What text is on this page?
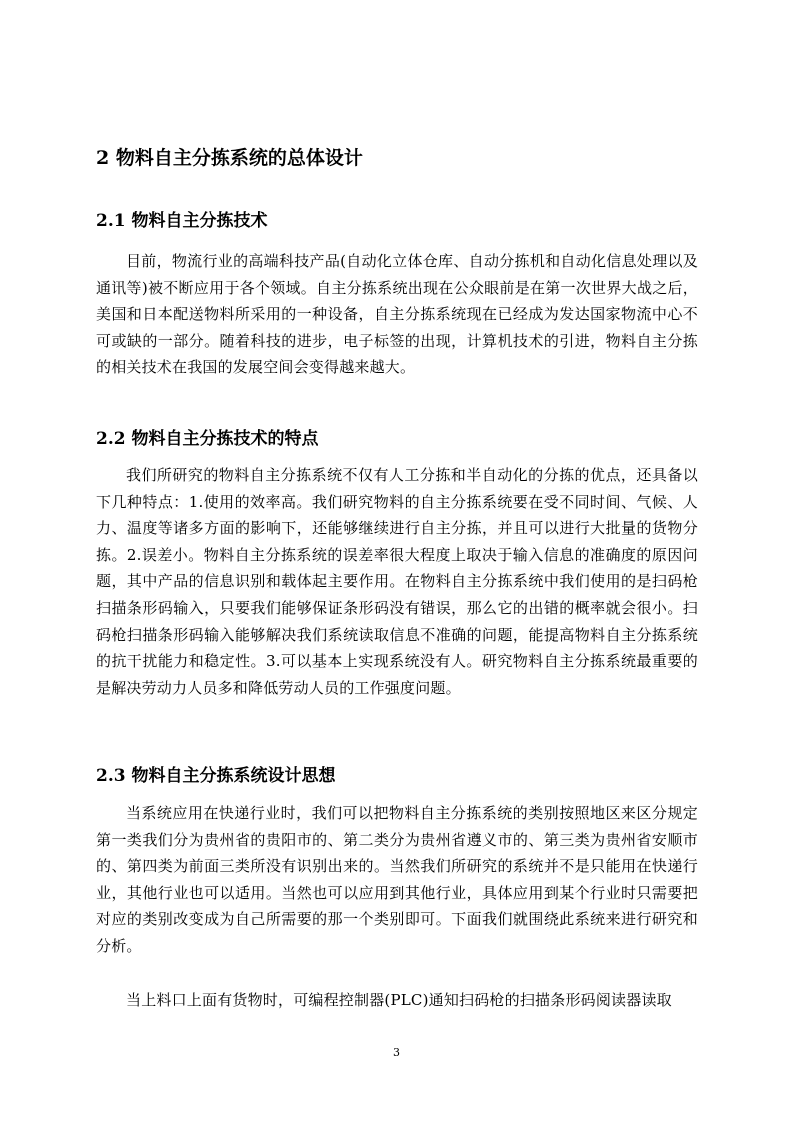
2 物料自主分拣系统的总体设计
2.1 物料自主分拣技术

目前，物流行业的高端科技产品(自动化立体仓库、自动分拣机和自动化信息处理以及通讯等)被不断应用于各个领域。自主分拣系统出现在公众眼前是在第一次世界大战之后，美国和日本配送物料所采用的一种设备，自主分拣系统现在已经成为发达国家物流中心不可或缺的一部分。随着科技的进步，电子标签的出现，计算机技术的引进，物料自主分拣的相关技术在我国的发展空间会变得越来越大。

2.2 物料自主分拣技术的特点

我们所研究的物料自主分拣系统不仅有人工分拣和半自动化的分拣的优点，还具备以下几种特点：1.使用的效率高。我们研究物料的自主分拣系统要在受不同时间、气候、人力、温度等诸多方面的影响下，还能够继续进行自主分拣，并且可以进行大批量的货物分拣。2.误差小。物料自主分拣系统的误差率很大程度上取决于输入信息的准确度的原因问题，其中产品的信息识别和载体起主要作用。在物料自主分拣系统中我们使用的是扫码枪扫描条形码输入，只要我们能够保证条形码没有错误，那么它的出错的概率就会很小。扫码枪扫描条形码输入能够解决我们系统读取信息不准确的问题，能提高物料自主分拣系统的抗干扰能力和稳定性。3.可以基本上实现系统没有人。研究物料自主分拣系统最重要的是解决劳动力人员多和降低劳动人员的工作强度问题。

2.3 物料自主分拣系统设计思想

当系统应用在快递行业时，我们可以把物料自主分拣系统的类别按照地区来区分规定第一类我们分为贵州省的贵阳市的、第二类分为贵州省遵义市的、第三类为贵州省安顺市的、第四类为前面三类所没有识别出来的。当然我们所研究的系统并不是只能用在快递行业，其他行业也可以适用。当然也可以应用到其他行业，具体应用到某个行业时只需要把对应的类别改变成为自己所需要的那一个类别即可。下面我们就围绕此系统来进行研究和分析。

当上料口上面有货物时，可编程控制器(PLC)通知扫码枪的扫描条形码阅读器读取

3
